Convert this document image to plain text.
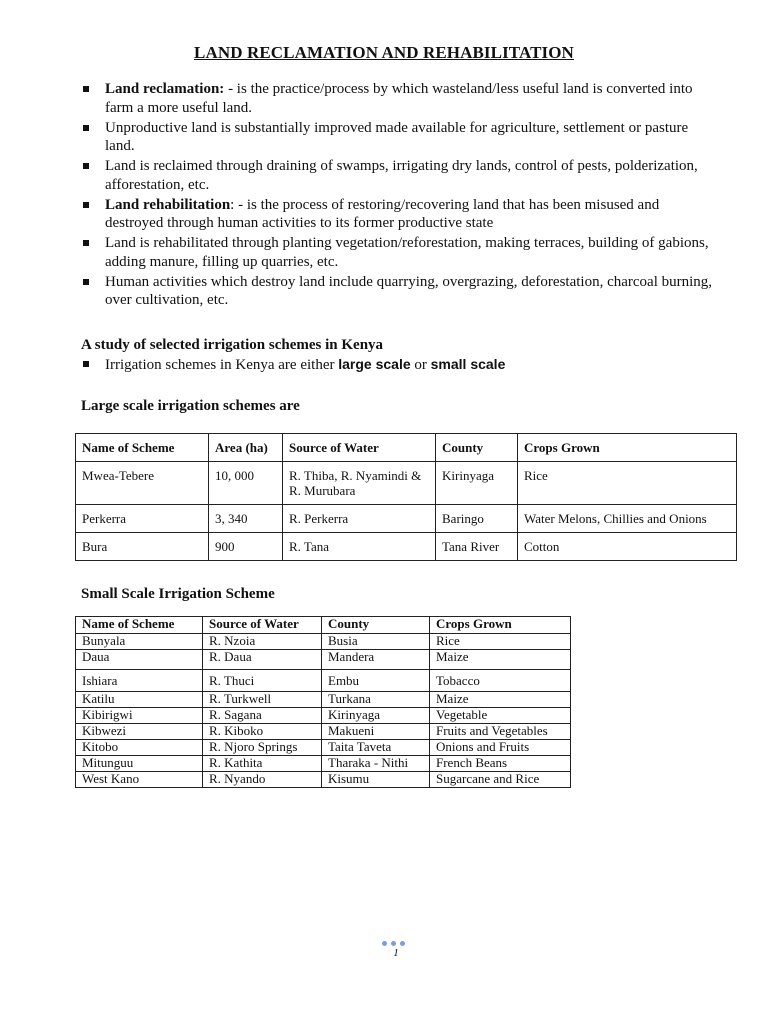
LAND RECLAMATION AND REHABILITATION
Land reclamation: - is the practice/process by which wasteland/less useful land is converted into farm a more useful land.
Unproductive land is substantially improved made available for agriculture, settlement or pasture land.
Land is reclaimed through draining of swamps, irrigating dry lands, control of pests, polderization, afforestation, etc.
Land rehabilitation: - is the process of restoring/recovering land that has been misused and destroyed through human activities to its former productive state
Land is rehabilitated through planting vegetation/reforestation, making terraces, building of gabions, adding manure, filling up quarries, etc.
Human activities which destroy land include quarrying, overgrazing, deforestation, charcoal burning, over cultivation, etc.
A study of selected irrigation schemes in Kenya
Irrigation schemes in Kenya are either large scale or small scale
Large scale irrigation schemes are
Name of Scheme	Area (ha)	Source of Water	County	Crops Grown
Mwea-Tebere	10, 000	R. Thiba, R. Nyamindi & R. Murubara	Kirinyaga	Rice
Perkerra	3, 340	R. Perkerra	Baringo	Water Melons, Chillies and Onions
Bura	900	R. Tana	Tana River	Cotton
Small Scale Irrigation Scheme
Name of Scheme	Source of Water	County	Crops Grown
Bunyala	R. Nzoia	Busia	Rice
Daua	R. Daua	Mandera	Maize
Ishiara	R. Thuci	Embu	Tobacco
Katilu	R. Turkwell	Turkana	Maize
Kibirigwi	R. Sagana	Kirinyaga	Vegetable
Kibwezi	R. Kiboko	Makueni	Fruits and Vegetables
Kitobo	R. Njoro Springs	Taita Taveta	Onions and Fruits
Mitunguu	R. Kathita	Tharaka - Nithi	French Beans
West Kano	R. Nyando	Kisumu	Sugarcane and Rice
1
